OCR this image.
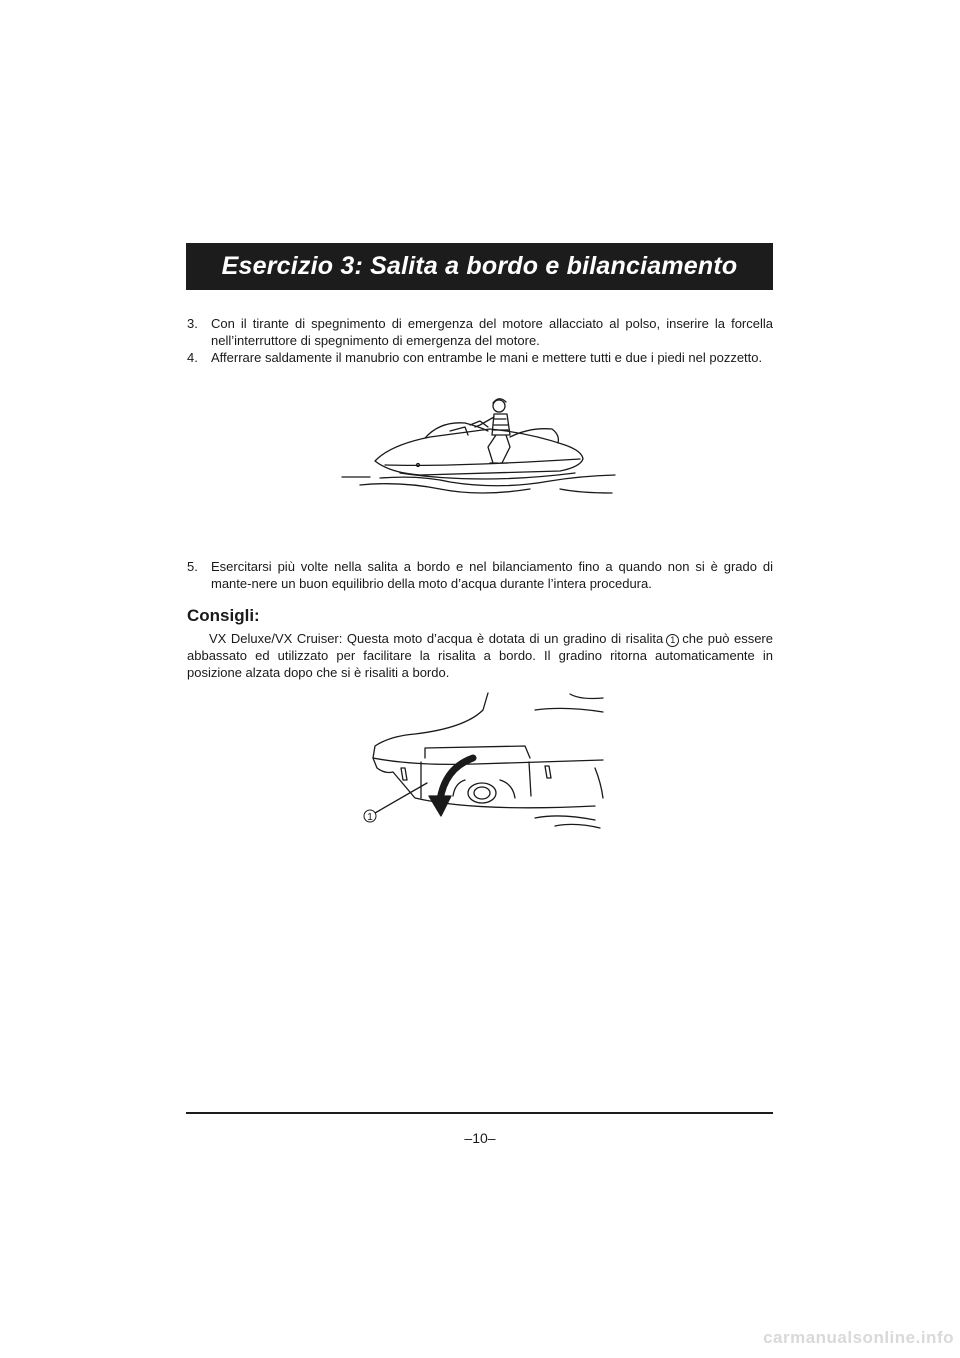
Esercizio 3: Salita a bordo e bilanciamento
3. Con il tirante di spegnimento di emergenza del motore allacciato al polso, inserire la forcella nell’interruttore di spegnimento di emergenza del motore.
4. Afferrare saldamente il manubrio con entrambe le mani e mettere tutti e due i piedi nel pozzetto.
5. Esercitarsi più volte nella salita a bordo e nel bilanciamento fino a quando non si è grado di mante-nere un buon equilibrio della moto d’acqua durante l’intera procedura.
Consigli:
VX Deluxe/VX Cruiser: Questa moto d’acqua è dotata di un gradino di risalita 1 che può essere abbassato ed utilizzato per facilitare la risalita a bordo. Il gradino ritorna automaticamente in posizione alzata dopo che si è risaliti a bordo.
1
–10–
carmanualsonline.info
